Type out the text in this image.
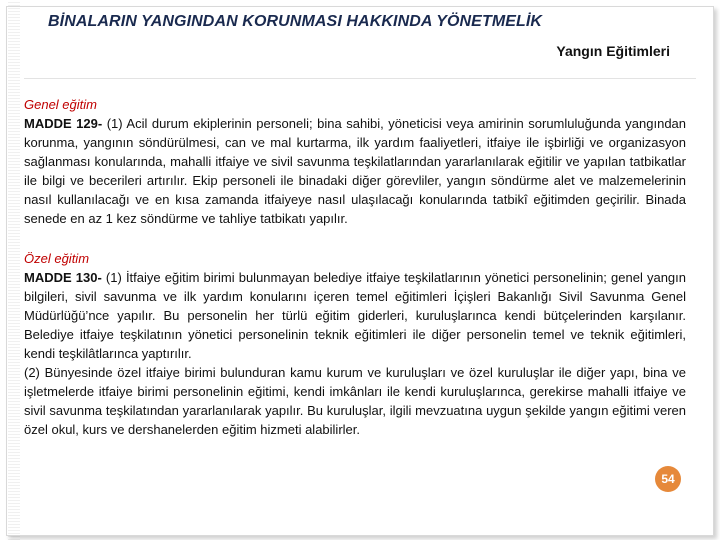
BİNALARIN YANGINDAN KORUNMASI HAKKINDA YÖNETMELİK
Yangın Eğitimleri
Genel eğitim

MADDE 129- (1) Acil durum ekiplerinin personeli; bina sahibi, yöneticisi veya amirinin sorumluluğunda yangından korunma, yangının söndürülmesi, can ve mal kurtarma, ilk yardım faaliyetleri, itfaiye ile işbirliği ve organizasyon sağlanması konularında, mahalli itfaiye ve sivil savunma teşkilatlarından yararlanılarak eğitilir ve yapılan tatbikatlar ile bilgi ve becerileri artırılır. Ekip personeli ile binadaki diğer görevliler, yangın söndürme alet ve malzemelerinin nasıl kullanılacağı ve en kısa zamanda itfaiyeye nasıl ulaşılacağı konularında tatbikî eğitimden geçirilir. Binada senede en az 1 kez söndürme ve tahliye tatbikatı yapılır.

Özel eğitim

MADDE 130- (1) İtfaiye eğitim birimi bulunmayan belediye itfaiye teşkilatlarının yönetici personelinin; genel yangın bilgileri, sivil savunma ve ilk yardım konularını içeren temel eğitimleri İçişleri Bakanlığı Sivil Savunma Genel Müdürlüğü’nce yapılır. Bu personelin her türlü eğitim giderleri, kuruluşlarınca kendi bütçelerinden karşılanır. Belediye itfaiye teşkilatının yönetici personelinin teknik eğitimleri ile diğer personelin temel ve teknik eğitimleri, kendi teşkilâtlarınca yaptırılır.

(2) Bünyesinde özel itfaiye birimi bulunduran kamu kurum ve kuruluşları ve özel kuruluşlar ile diğer yapı, bina ve işletmelerde itfaiye birimi personelinin eğitimi, kendi imkânları ile kendi kuruluşlarınca, gerekirse mahalli itfaiye ve sivil savunma teşkilatından yararlanılarak yapılır. Bu kuruluşlar, ilgili mevzuatına uygun şekilde yangın eğitimi veren özel okul, kurs ve dershanelerden eğitim hizmeti alabilirler.

54
